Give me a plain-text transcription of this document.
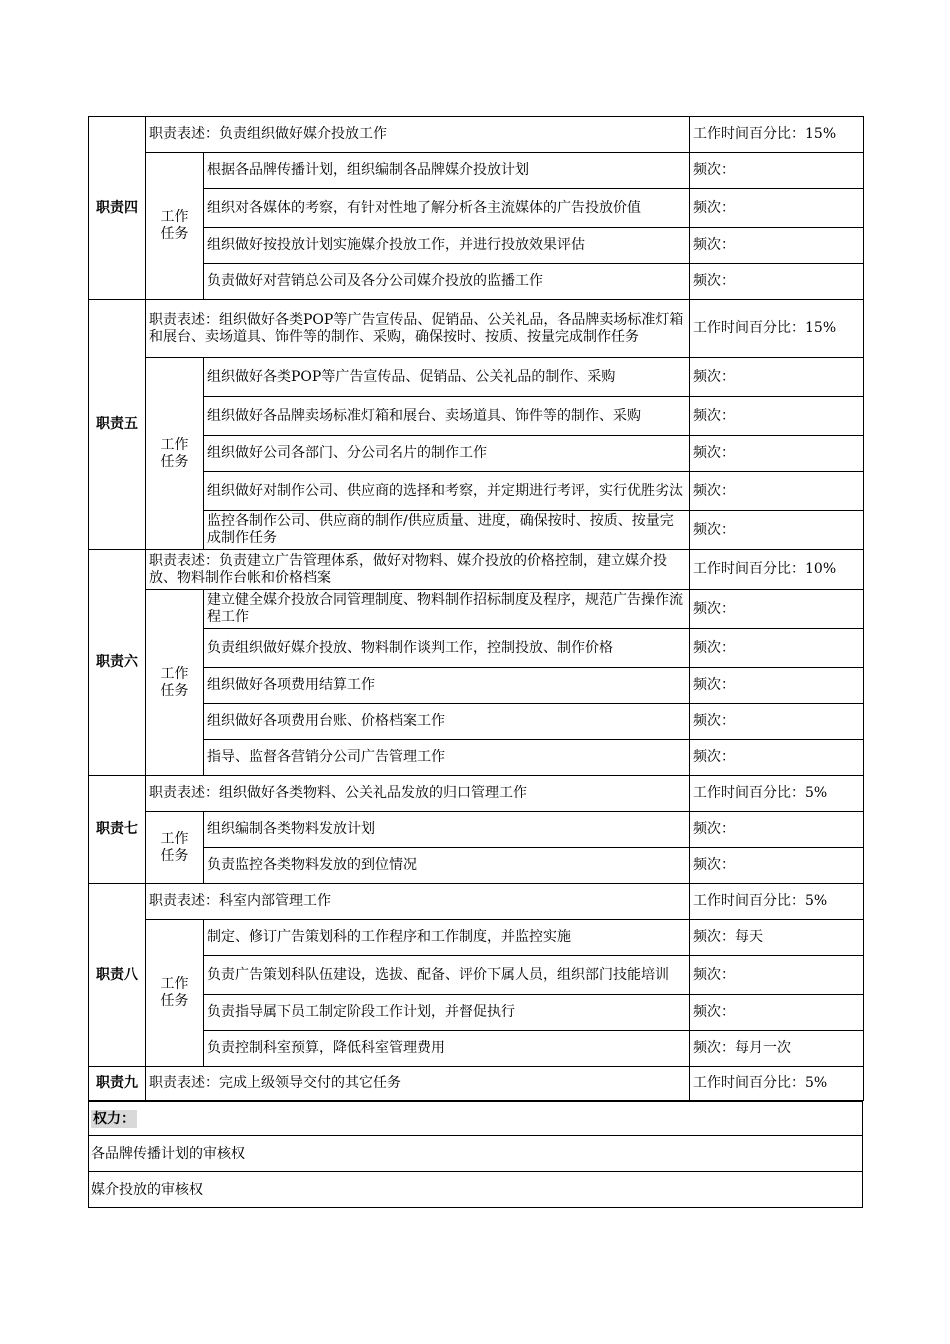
职责四	职责表述：负责组织做好媒介投放工作		工作时间百分比：15%
	工作任务	根据各品牌传播计划，组织编制各品牌媒介投放计划	频次：
		组织对各媒体的考察，有针对性地了解分析各主流媒体的广告投放价值	频次：
		组织做好按投放计划实施媒介投放工作，并进行投放效果评估	频次：
		负责做好对营销总公司及各分公司媒介投放的监播工作	频次：
职责五	职责表述：组织做好各类POP等广告宣传品、促销品、公关礼品，各品牌卖场标准灯箱和展台、卖场道具、饰件等的制作、采购，确保按时、按质、按量完成制作任务		工作时间百分比：15%
	工作任务	组织做好各类POP等广告宣传品、促销品、公关礼品的制作、采购	频次：
		组织做好各品牌卖场标准灯箱和展台、卖场道具、饰件等的制作、采购	频次：
		组织做好公司各部门、分公司名片的制作工作	频次：
		组织做好对制作公司、供应商的选择和考察，并定期进行考评，实行优胜劣汰	频次：
		监控各制作公司、供应商的制作/供应质量、进度，确保按时、按质、按量完成制作任务	频次：
职责六	职责表述：负责建立广告管理体系，做好对物料、媒介投放的价格控制，建立媒介投放、物料制作台帐和价格档案		工作时间百分比：10%
	工作任务	建立健全媒介投放合同管理制度、物料制作招标制度及程序，规范广告操作流程工作	频次：
		负责组织做好媒介投放、物料制作谈判工作，控制投放、制作价格	频次：
		组织做好各项费用结算工作	频次：
		组织做好各项费用台账、价格档案工作	频次：
		指导、监督各营销分公司广告管理工作	频次：
职责七	职责表述：组织做好各类物料、公关礼品发放的归口管理工作		工作时间百分比：5%
	工作任务	组织编制各类物料发放计划	频次：
		负责监控各类物料发放的到位情况	频次：
职责八	职责表述：科室内部管理工作		工作时间百分比：5%
	工作任务	制定、修订广告策划科的工作程序和工作制度，并监控实施	频次：每天
		负责广告策划科队伍建设，选拔、配备、评价下属人员，组织部门技能培训	频次：
		负责指导属下员工制定阶段工作计划，并督促执行	频次：
		负责控制科室预算，降低科室管理费用	频次：每月一次
职责九	职责表述：完成上级领导交付的其它任务		工作时间百分比：5%
权力：
各品牌传播计划的审核权
媒介投放的审核权
